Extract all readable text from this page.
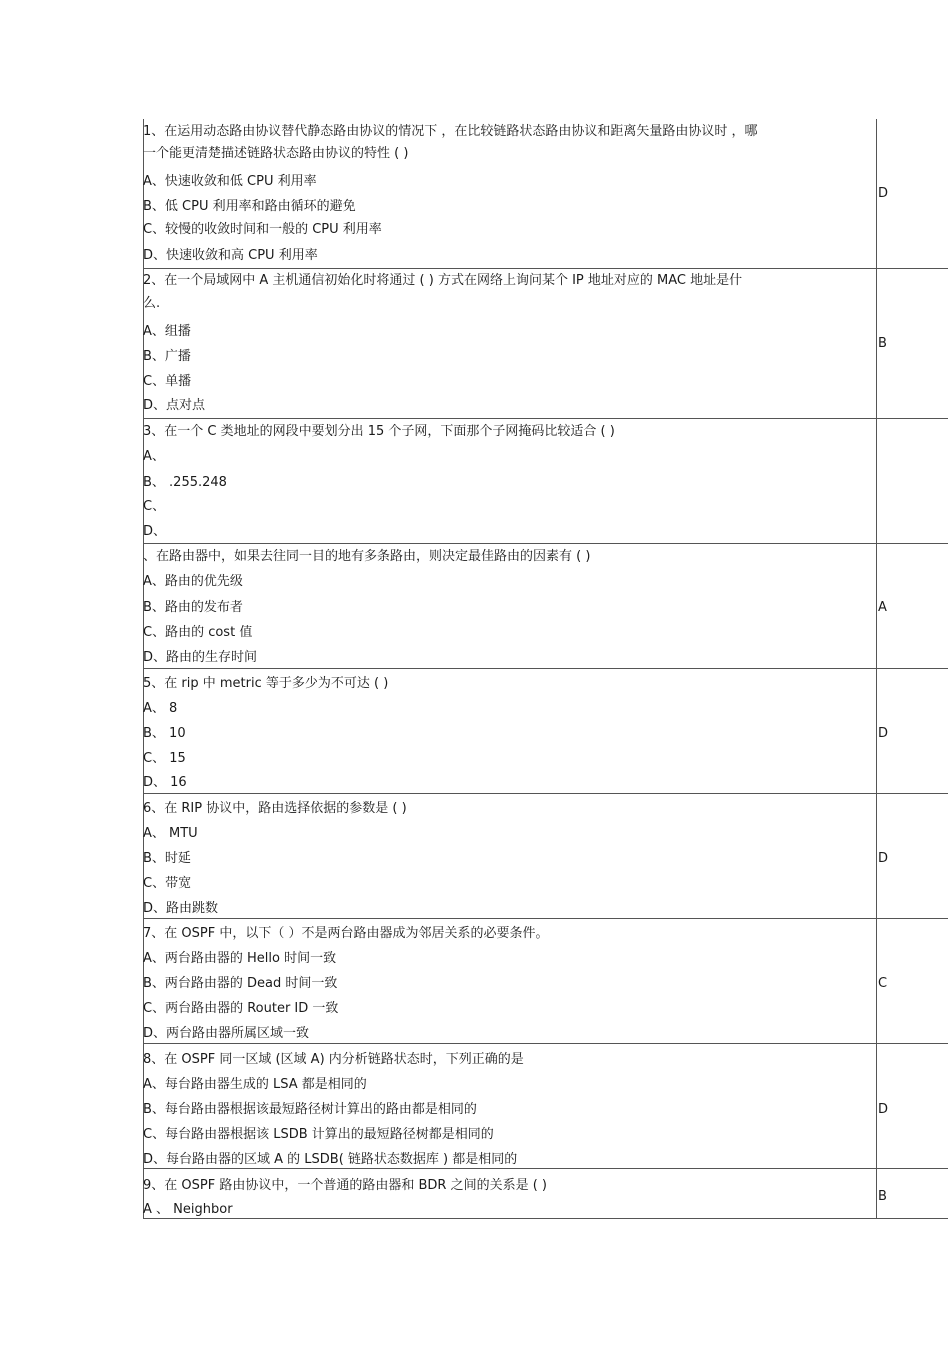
1、在运用动态路由协议替代静态路由协议的情况下 ，在比较链路状态路由协议和距离矢量路由协议时 ，哪
一个能更清楚描述链路状态路由协议的特性 ( )
A、快速收敛和低 CPU 利用率
B、低 CPU 利用率和路由循环的避免
C、较慢的收敛时间和一般的 CPU 利用率
D、快速收敛和高 CPU 利用率
D
2、在一个局域网中 A 主机通信初始化时将通过 ( ) 方式在网络上询问某个 IP 地址对应的 MAC 地址是什
么.
A、组播
B、广播
C、单播
D、点对点
B
3、在一个 C 类地址的网段中要划分出 15 个子网，下面那个子网掩码比较适合 ( )
A、
B、 .255.248
C、
D、
、在路由器中，如果去往同一目的地有多条路由，则决定最佳路由的因素有 ( )
A、路由的优先级
B、路由的发布者
C、路由的 cost 值
D、路由的生存时间
A
5、在 rip 中 metric 等于多少为不可达 ( )
A、 8
B、 10
C、 15
D、 16
D
6、在 RIP 协议中，路由选择依据的参数是 ( )
A、 MTU
B、时延
C、带宽
D、路由跳数
D
7、在 OSPF 中，以下（ ）不是两台路由器成为邻居关系的必要条件。
A、两台路由器的 Hello 时间一致
B、两台路由器的 Dead 时间一致
C、两台路由器的 Router ID 一致
D、两台路由器所属区域一致
C
8、在 OSPF 同一区域 (区域 A) 内分析链路状态时，下列正确的是
A、每台路由器生成的 LSA 都是相同的
B、每台路由器根据该最短路径树计算出的路由都是相同的
C、每台路由器根据该 LSDB 计算出的最短路径树都是相同的
D、每台路由器的区域 A 的 LSDB( 链路状态数据库 ) 都是相同的
D
9、在 OSPF 路由协议中，一个普通的路由器和 BDR 之间的关系是 ( )
A 、 Neighbor
B
